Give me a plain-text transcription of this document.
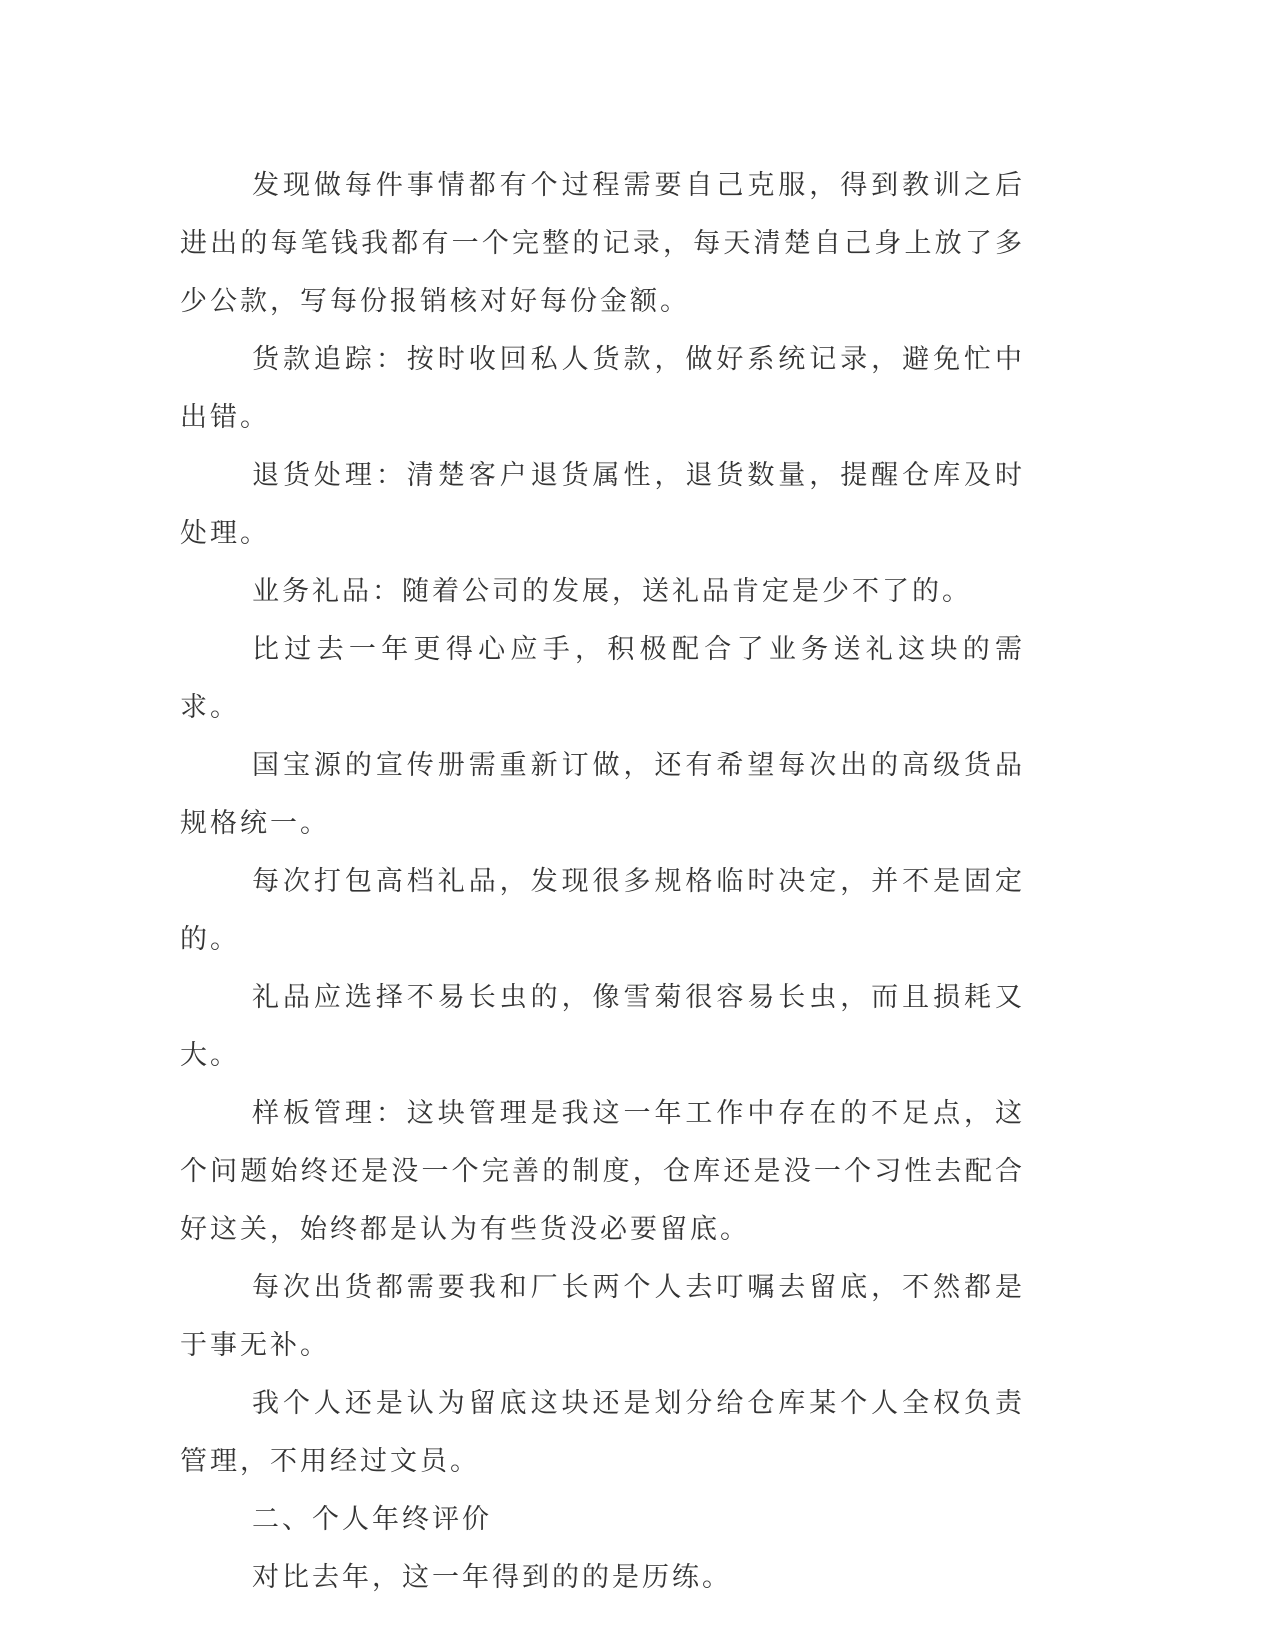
发现做每件事情都有个过程需要自己克服，得到教训之后进出的每笔钱我都有一个完整的记录，每天清楚自己身上放了多少公款，写每份报销核对好每份金额。

货款追踪：按时收回私人货款，做好系统记录，避免忙中出错。

退货处理：清楚客户退货属性，退货数量，提醒仓库及时处理。

业务礼品：随着公司的发展，送礼品肯定是少不了的。

比过去一年更得心应手，积极配合了业务送礼这块的需求。

国宝源的宣传册需重新订做，还有希望每次出的高级货品规格统一。

每次打包高档礼品，发现很多规格临时决定，并不是固定的。

礼品应选择不易长虫的，像雪菊很容易长虫，而且损耗又大。

样板管理：这块管理是我这一年工作中存在的不足点，这个问题始终还是没一个完善的制度，仓库还是没一个习性去配合好这关，始终都是认为有些货没必要留底。

每次出货都需要我和厂长两个人去叮嘱去留底，不然都是于事无补。

我个人还是认为留底这块还是划分给仓库某个人全权负责管理，不用经过文员。

二、个人年终评价

对比去年，这一年得到的的是历练。
